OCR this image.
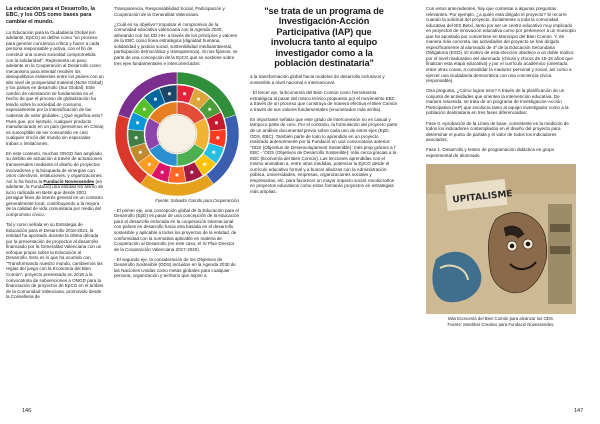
La educación para el Desarrollo, la EBC, y los ODS como bases para cambiar el mundo.

La Educación para la Ciudadanía Global (en adelante, EpCG) se define como "un proceso para generar conciencia crítica y hacer a cada persona responsable y activa, con el fin de construir una nueva sociedad comprometida con la solidaridad". Representa un paso adelante en la Cooperación al Desarrollo como mecanismo para intentar resolver los desequilibrios existentes entre los países con un alto nivel de prosperidad material (Norte Global) y los países en desarrollo (Sur Global). Este cambio de orientación se fundamenta en el hecho de que el proceso de globalización ha tenido sobre la sociedad de consumo, especialmente por la intensificación de las cadenas de valor globales. ¿Qué significa esto? Pues que, por ejemplo, cualquier producto manufacturado en un país (pensemos en China) es susceptible de ser consumido en casi cualquier rincón del mundo sin especiales trabas o limitaciones.

En este contexto, muchas ONGD han ampliado su ámbito de actuación a través de actuaciones transversales mediante el diseño de proyectos innovadores y la búsqueda de sinergias con otros colectivos, instituciones, y organizaciones. Así lo ha hecho la Fundació Novessendes (en adelante, la Fundació) una entidad sin ánimo de lucro radicada en Betxí que desde 2001 persigue fines de interés general en un contexto generalmente local, contribuyendo a la mejora de la calidad de vida comunitaria por medio del compromiso cívico.

Tal y como señala en su Estrategia de Educación para el Desarrollo 2018-2021, la entidad ha apostado durante la última década por la presentación de proyectos al desarrollo financiado por la Generalitat Valenciana con un enfoque propio sobre la Educación al Desarrollo. Esto es lo que ha ocurrido con "Transformando nuestro mundo, cambiemos las reglas del juego con la Economía del Bien Común", proyecto presentado en 2018 a la convocatoria de subvenciones a ONGD para la financiación de proyectos de EpCG en el ámbito de la Comunidad Valenciana, promovido desde la Conselleria de

Transparencia, Responsabilidad Social, Participación y Cooperación de la Generalitat Valenciana.

¿Cuál es su objetivo? Impulsar el compromiso de la comunidad educativa valenciana con la Agenda 2030, alineando con los DD.HH. a través de los principios y valores de la EBC como línea estratégica (dignidad humana, solidaridad y justicia social, sostenibilidad medioambiental, participación democrática y transparencia). Si nos fijamos, se parte de una concepción de la EpCG que se sostiene sobre tres ejes fundamentales e interconectados:

Fuente: Salvador Garrido para Cooperacción.

- El primer eje, una concepción global de la Educación para el Desarrollo (EpD) es pasar de una concepción de la educación para el desarrollo enfocada en la cooperación internacional con países en desarrollo hacia otra basada en el desarrollo sostenible y aplicable a todos los proyectos de la entidad, de conformidad con la normativa aplicable en materia de Cooperación al Desarrollo (en este caso, el IV Plan Director de la Cooperación Valenciana 2017-2020).

- El segundo eje, la consideración de los Objetivos de Desarrollo Sostenible (ODS) incluidos en la Agenda 2030 de las Naciones Unidas como metas globales para cualquier persona, organización y territorio que aspire a

146
"se trata de un programa de
Investigación-Acción
Participativa (IAP) que
involucra tanto al equipo
investigador como a la
población destinataria"

a la transformación global hacia modelos de desarrollo inclusivos y sostenible a nivel nacional e internacional.

- El tercer eje, la Economía del Bien Común como herramienta estratégica al pasar del marco teórico propuesto por el movimiento EBC a través de un proceso que construya de manera efectiva el Bien Común a través de sus valores fundamentales (enumerados más arriba).

Es importante señalar que este grado de interconexión no es casual y tampoco parte de cero. Por el contrario, la formulación del proyecto parte de un análisis documental previo sobre cada uno de estos ejes (EpD, ODS, EBC). También parte de todo lo aprendido en un proyecto realizado anteriormente por la Fundació en una convocatoria anterior: "ODS (Objectius de Desenvolupament Sostenible): més prop gràcies a l' EBC - 'ODS (Objetivos de Desarrollo Sostenible): más cerca gracias a la EBC (Economía del Bien Común). Las lecciones aprendidas con el mismo animaban a, entre otras medidas, potenciar la EpCG desde el currículo educativo formal y a buscar alianzas con la Administración pública, universidades, empresas, organizaciones sociales y empresarias, etc. para favorecer un mayor impacto social. Involucrarlos en proyectos educativos como estos formarán proyectos en estrategias más amplias.

Con estos antecedentes, hay que contestar a algunas preguntas relevantes. Por ejemplo, ¿a quién está dirigido el proyecto? Si recorre cuando la solicitud del proyecto, inicialmente a toda la comunidad educativa del IES Betxí, tanto por ser un centro educativo muy implicado en proyectos de innovación educativa como por pertenecer a un municipio que ha apostado por convertirse en Municipio del Bien Común. Y, de manera más concreta, las actividades del proyecto se han dirigido específicamente al alumnado de 4º de la Educación Secundaria Obligatoria (ESO). El motivo de esta elección obedece a un doble motivo: por el nivel madurativo del alumnado (chicas y chicos de 15-16 años que finalizan esta etapa educativa) y por el currículo académico (orientado, entre otras cosas, a consolidar la madurez personal y social, así como a ejercer una ciudadanía democrática con una conciencia cívica responsable).

Otra pregunta, ¿Cómo lograr esto? A través de la planificación de un conjunto de actividades que orienten la intervención educativa. De manera resumida, se trata de un programa de Investigación-Acción Participativa (IAP) que involucra tanto al equipo investigador como a la población destinataria en tres fases diferenciadas:

Fase 0. Aprobación de la Línea de base, consistente en la medición de todos los indicadores contemplados en el diseño del proyecto para determinar el punto de partida y el valor de todos los indicadores asociados;

Fase 1. Desarrollo y testeo de programación didáctica en grupo experimental de alumnado

UPITALISME
Más Economía del Bien Común para alcanzar los ODS.
Fuente: Moebhar Creativo para Fundació Novessendes.
147
